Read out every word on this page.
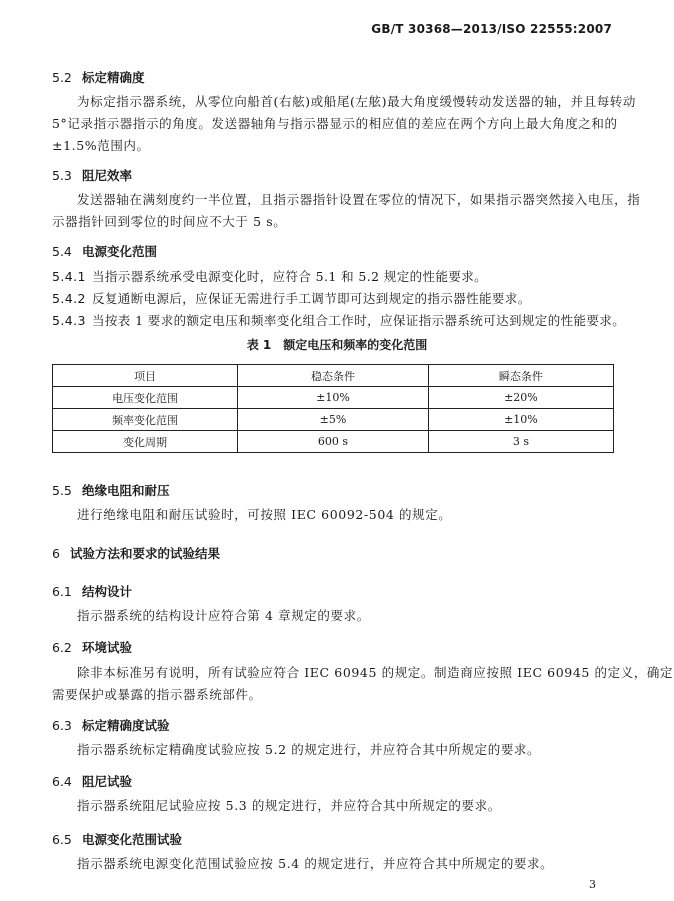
GB/T 30368—2013/ISO 22555:2007
5.2 标定精确度
为标定指示器系统，从零位向船首(右舷)或船尾(左舷)最大角度缓慢转动发送器的轴，并且每转动
5°记录指示器指示的角度。发送器轴角与指示器显示的相应值的差应在两个方向上最大角度之和的
±1.5%范围内。
5.3 阻尼效率
发送器轴在满刻度约一半位置，且指示器指针设置在零位的情况下，如果指示器突然接入电压，指
示器指针回到零位的时间应不大于 5 s。
5.4 电源变化范围
5.4.1 当指示器系统承受电源变化时，应符合 5.1 和 5.2 规定的性能要求。
5.4.2 反复通断电源后，应保证无需进行手工调节即可达到规定的指示器性能要求。
5.4.3 当按表 1 要求的额定电压和频率变化组合工作时，应保证指示器系统可达到规定的性能要求。
表 1　额定电压和频率的变化范围
项目	稳态条件	瞬态条件
电压变化范围	±10%	±20%
频率变化范围	±5%	±10%
变化周期	600 s	3 s
5.5 绝缘电阻和耐压
进行绝缘电阻和耐压试验时，可按照 IEC 60092-504 的规定。
6 试验方法和要求的试验结果
6.1 结构设计
指示器系统的结构设计应符合第 4 章规定的要求。
6.2 环境试验
除非本标准另有说明，所有试验应符合 IEC 60945 的规定。制造商应按照 IEC 60945 的定义，确定
需要保护或暴露的指示器系统部件。
6.3 标定精确度试验
指示器系统标定精确度试验应按 5.2 的规定进行，并应符合其中所规定的要求。
6.4 阻尼试验
指示器系统阻尼试验应按 5.3 的规定进行，并应符合其中所规定的要求。
6.5 电源变化范围试验
指示器系统电源变化范围试验应按 5.4 的规定进行，并应符合其中所规定的要求。
3
